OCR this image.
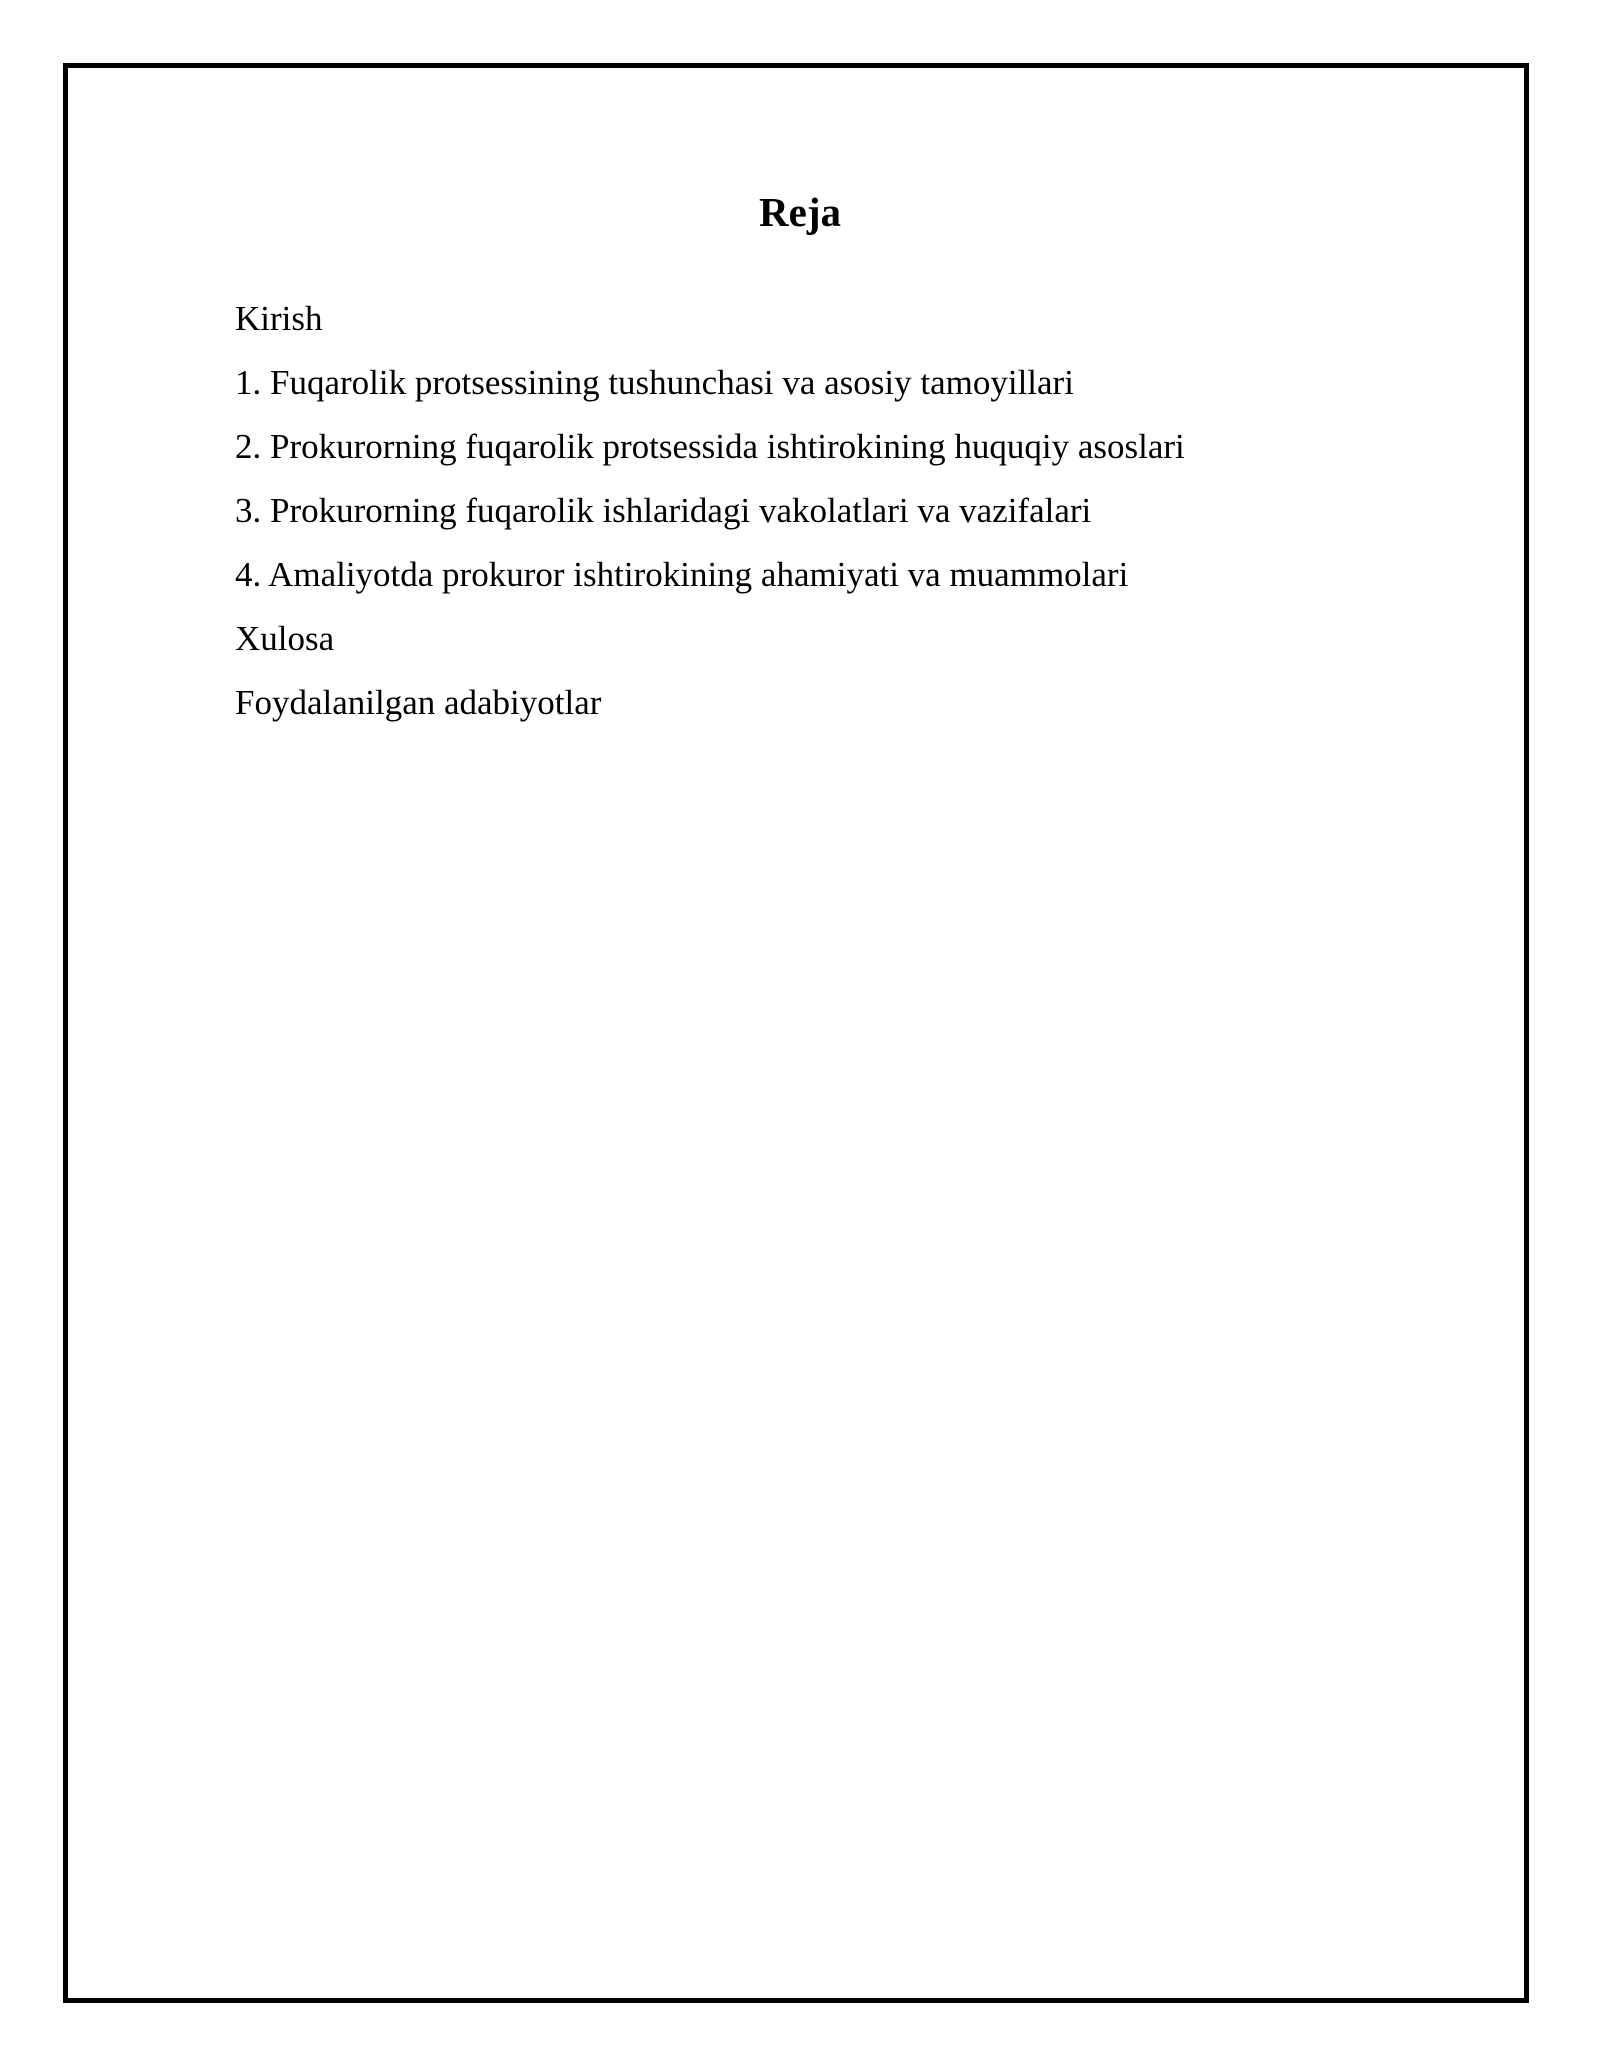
Reja
Kirish
1. Fuqarolik protsessining tushunchasi va asosiy tamoyillari
2. Prokurorning fuqarolik protsessida ishtirokining huquqiy asoslari
3. Prokurorning fuqarolik ishlaridagi vakolatlari va vazifalari
4. Amaliyotda prokuror ishtirokining ahamiyati va muammolari
Xulosa
Foydalanilgan adabiyotlar
